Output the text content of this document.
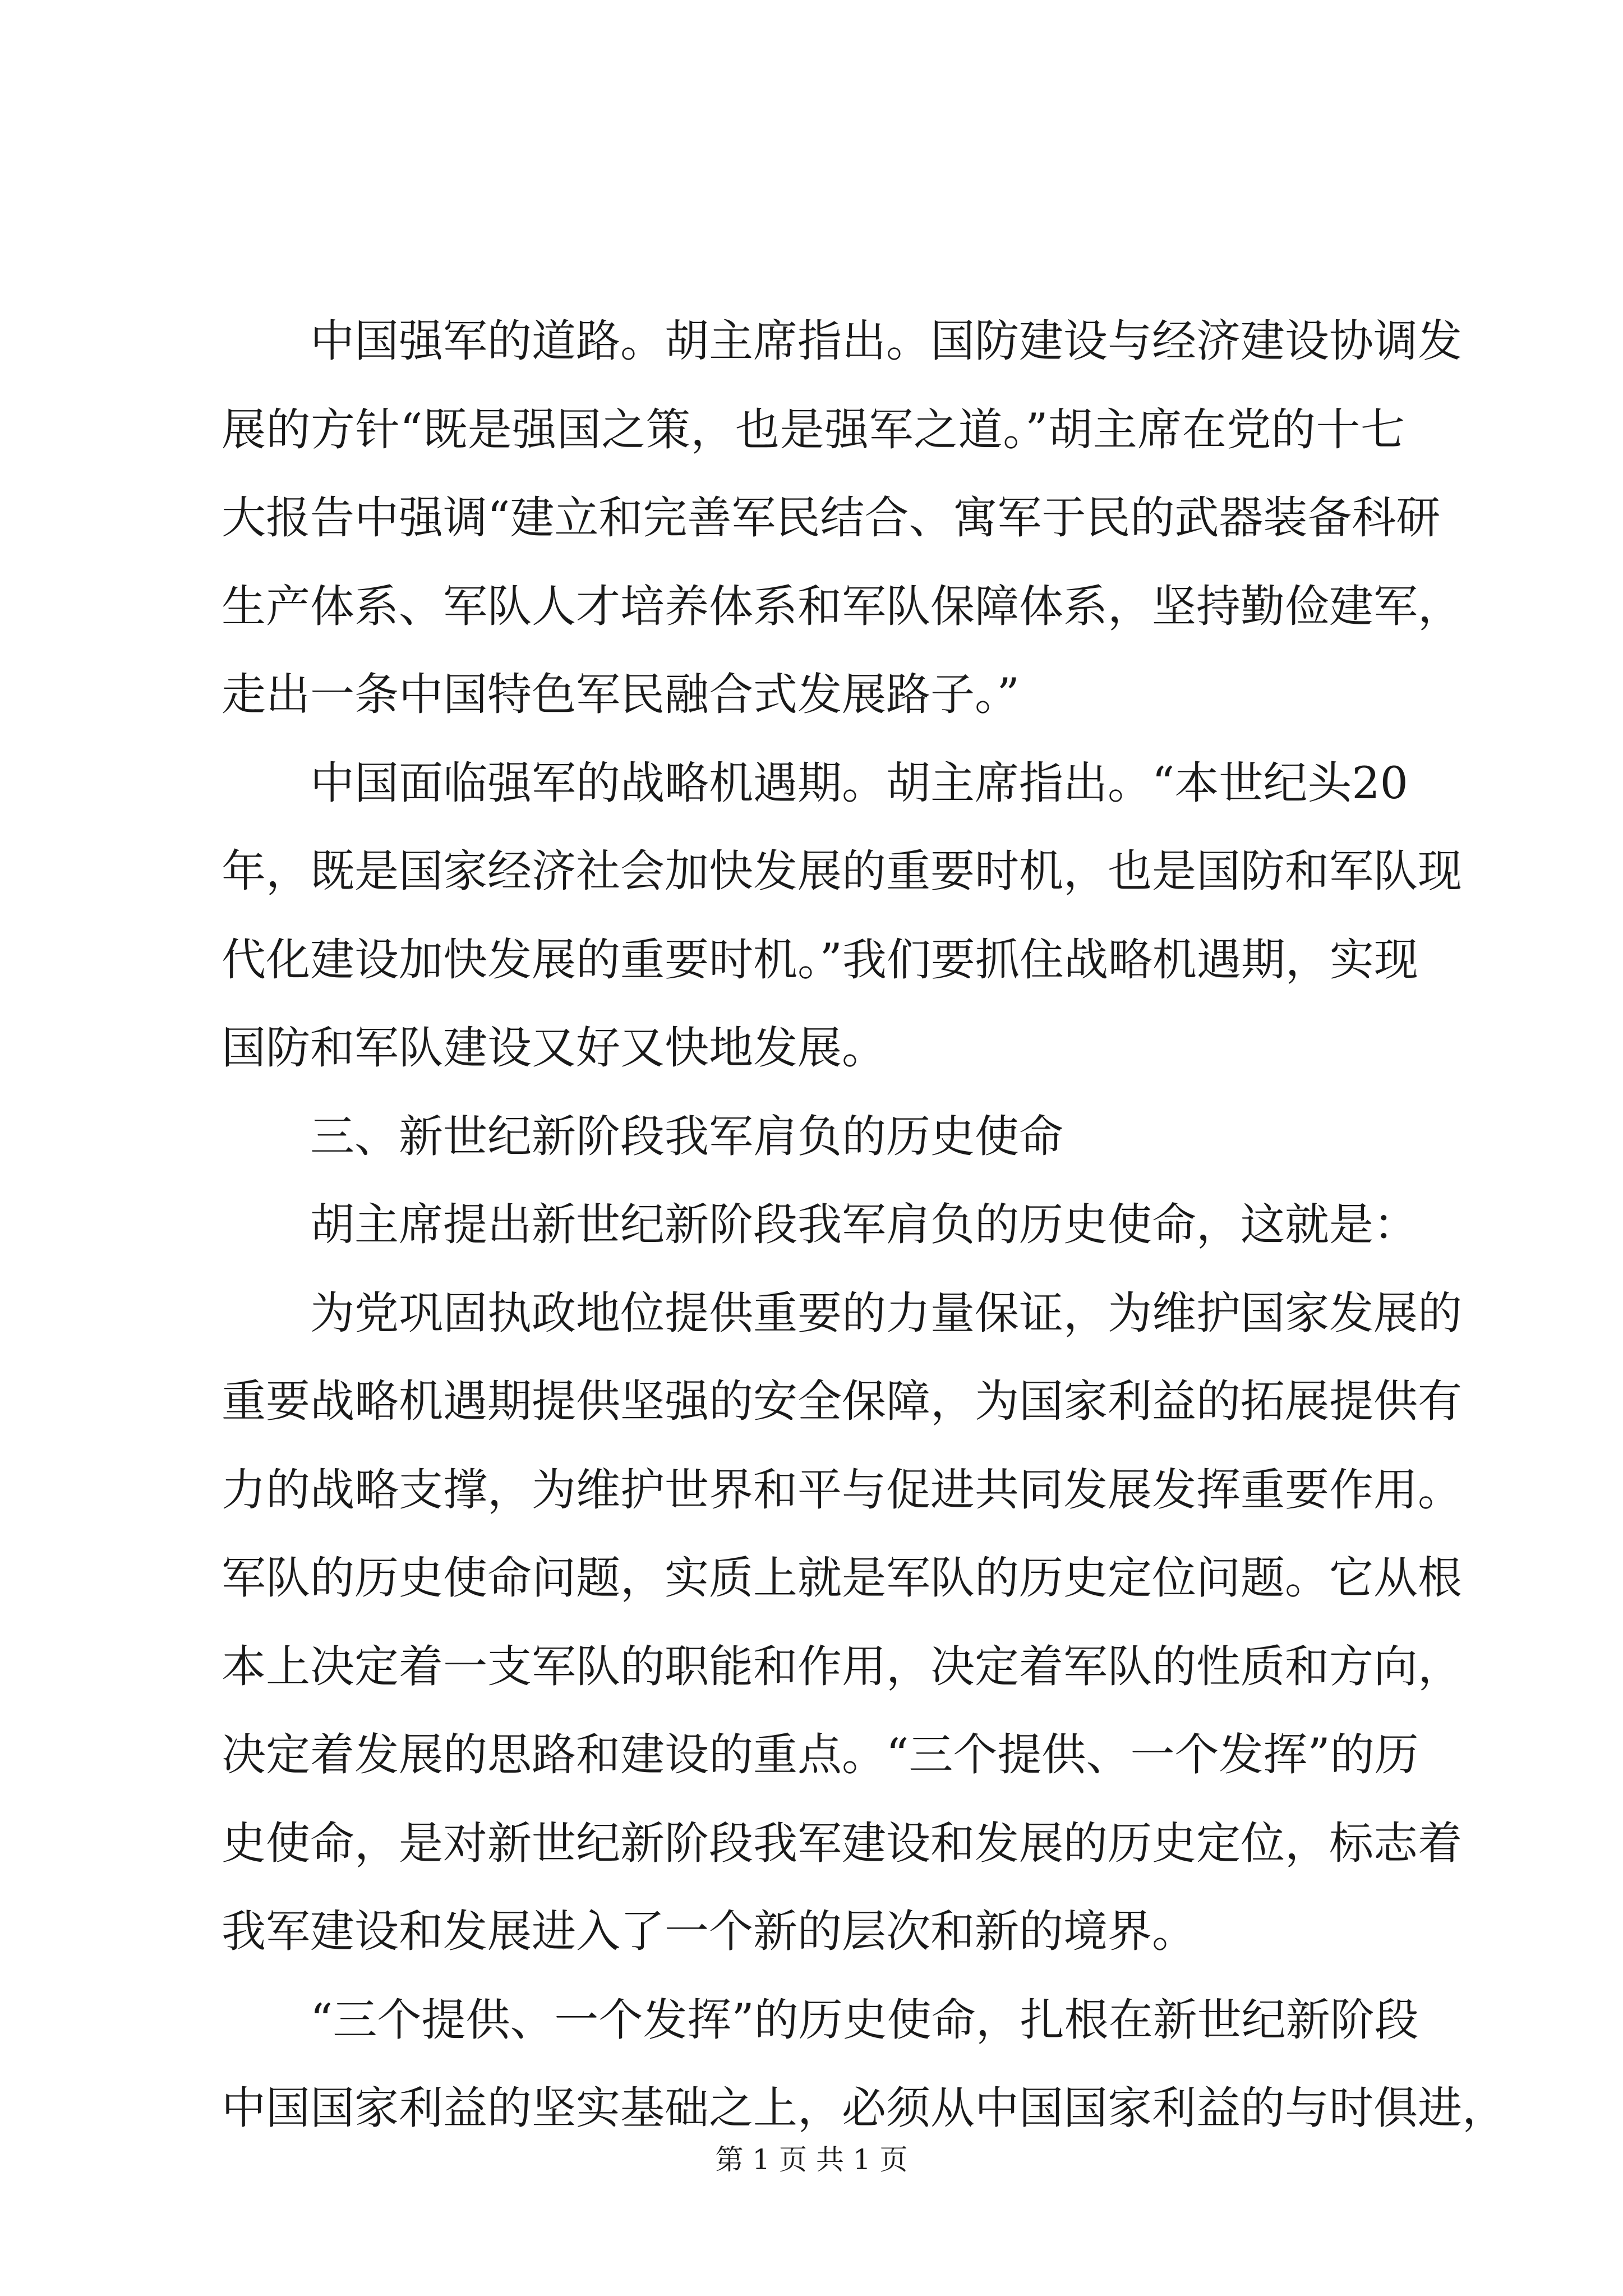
中国强军的道路。胡主席指出。国防建设与经济建设协调发
展的方针“既是强国之策，也是强军之道。”胡主席在党的十七
大报告中强调“建立和完善军民结合、寓军于民的武器装备科研
生产体系、军队人才培养体系和军队保障体系，坚持勤俭建军，
走出一条中国特色军民融合式发展路子。”
中国面临强军的战略机遇期。胡主席指出。“本世纪头20
年，既是国家经济社会加快发展的重要时机，也是国防和军队现
代化建设加快发展的重要时机。”我们要抓住战略机遇期，实现
国防和军队建设又好又快地发展。
三、新世纪新阶段我军肩负的历史使命
胡主席提出新世纪新阶段我军肩负的历史使命，这就是：
为党巩固执政地位提供重要的力量保证，为维护国家发展的
重要战略机遇期提供坚强的安全保障，为国家利益的拓展提供有
力的战略支撑，为维护世界和平与促进共同发展发挥重要作用。
军队的历史使命问题，实质上就是军队的历史定位问题。它从根
本上决定着一支军队的职能和作用，决定着军队的性质和方向，
决定着发展的思路和建设的重点。“三个提供、一个发挥”的历
史使命，是对新世纪新阶段我军建设和发展的历史定位，标志着
我军建设和发展进入了一个新的层次和新的境界。
“三个提供、一个发挥”的历史使命，扎根在新世纪新阶段
中国国家利益的坚实基础之上，必须从中国国家利益的与时俱进，
第 1 页 共 1 页
